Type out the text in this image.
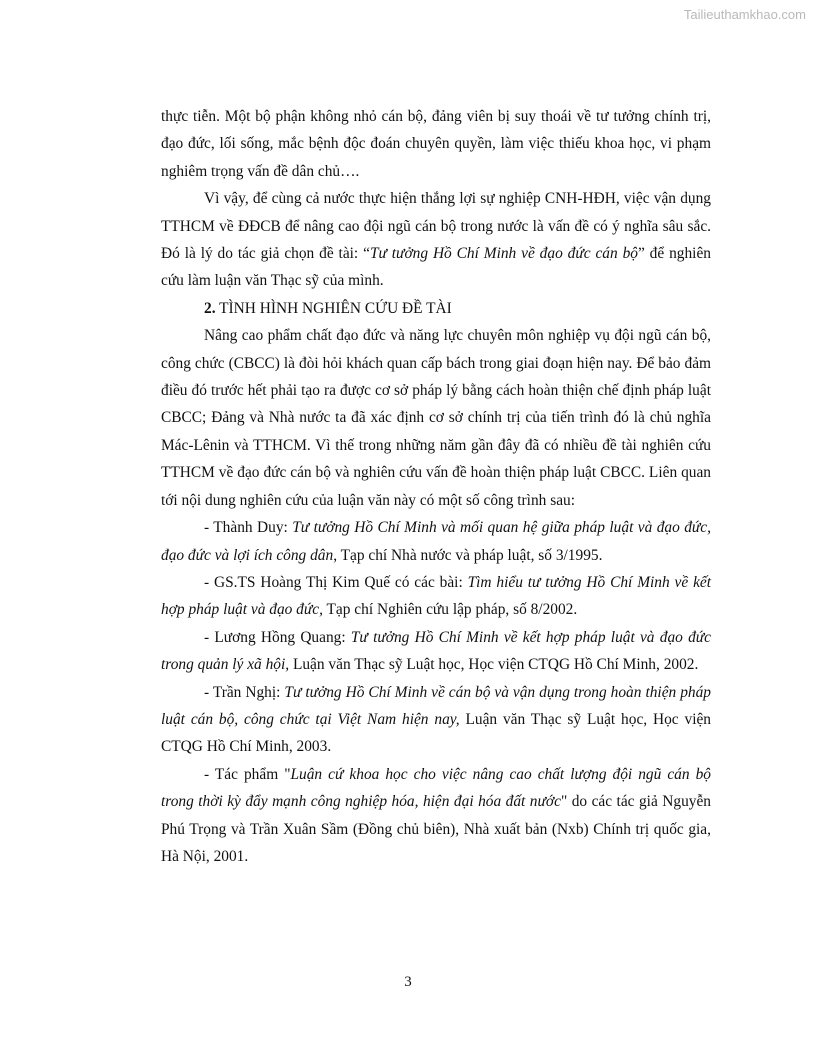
Tailieuthamkhao.com

thực tiễn. Một bộ phận không nhỏ cán bộ, đảng viên bị suy thoái về tư tưởng chính trị, đạo đức, lối sống, mắc bệnh độc đoán chuyên quyền, làm việc thiếu khoa học, vi phạm nghiêm trọng vấn đề dân chủ….

Vì vậy, để cùng cả nước thực hiện thắng lợi sự nghiệp CNH-HĐH, việc vận dụng TTHCM về ĐĐCB để nâng cao đội ngũ cán bộ trong nước là vấn đề có ý nghĩa sâu sắc. Đó là lý do tác giả chọn đề tài: “Tư tưởng Hồ Chí Minh về đạo đức cán bộ” để nghiên cứu làm luận văn Thạc sỹ của mình.

2. TÌNH HÌNH NGHIÊN CỨU ĐỀ TÀI

Nâng cao phẩm chất đạo đức và năng lực chuyên môn nghiệp vụ đội ngũ cán bộ, công chức (CBCC) là đòi hỏi khách quan cấp bách trong giai đoạn hiện nay. Để bảo đảm điều đó trước hết phải tạo ra được cơ sở pháp lý bằng cách hoàn thiện chế định pháp luật CBCC; Đảng và Nhà nước ta đã xác định cơ sở chính trị của tiến trình đó là chủ nghĩa Mác-Lênin và TTHCM. Vì thế trong những năm gần đây đã có nhiều đề tài nghiên cứu TTHCM về đạo đức cán bộ và nghiên cứu vấn đề hoàn thiện pháp luật CBCC. Liên quan tới nội dung nghiên cứu của luận văn này có một số công trình sau:

- Thành Duy: Tư tưởng Hồ Chí Minh và mối quan hệ giữa pháp luật và đạo đức, đạo đức và lợi ích công dân, Tạp chí Nhà nước và pháp luật, số 3/1995.

- GS.TS Hoàng Thị Kim Quế có các bài: Tìm hiểu tư tưởng Hồ Chí Minh về kết hợp pháp luật và đạo đức, Tạp chí Nghiên cứu lập pháp, số 8/2002.

- Lương Hồng Quang: Tư tưởng Hồ Chí Minh về kết hợp pháp luật và đạo đức trong quản lý xã hội, Luận văn Thạc sỹ Luật học, Học viện CTQG Hồ Chí Minh, 2002.

- Trần Nghị: Tư tưởng Hồ Chí Minh về cán bộ và vận dụng trong hoàn thiện pháp luật cán bộ, công chức tại Việt Nam hiện nay, Luận văn Thạc sỹ Luật học, Học viện CTQG Hồ Chí Minh, 2003.

- Tác phẩm "Luận cứ khoa học cho việc nâng cao chất lượng đội ngũ cán bộ trong thời kỳ đẩy mạnh công nghiệp hóa, hiện đại hóa đất nước" do các tác giả Nguyễn Phú Trọng và Trần Xuân Sầm (Đồng chủ biên), Nhà xuất bản (Nxb) Chính trị quốc gia, Hà Nội, 2001.

3
